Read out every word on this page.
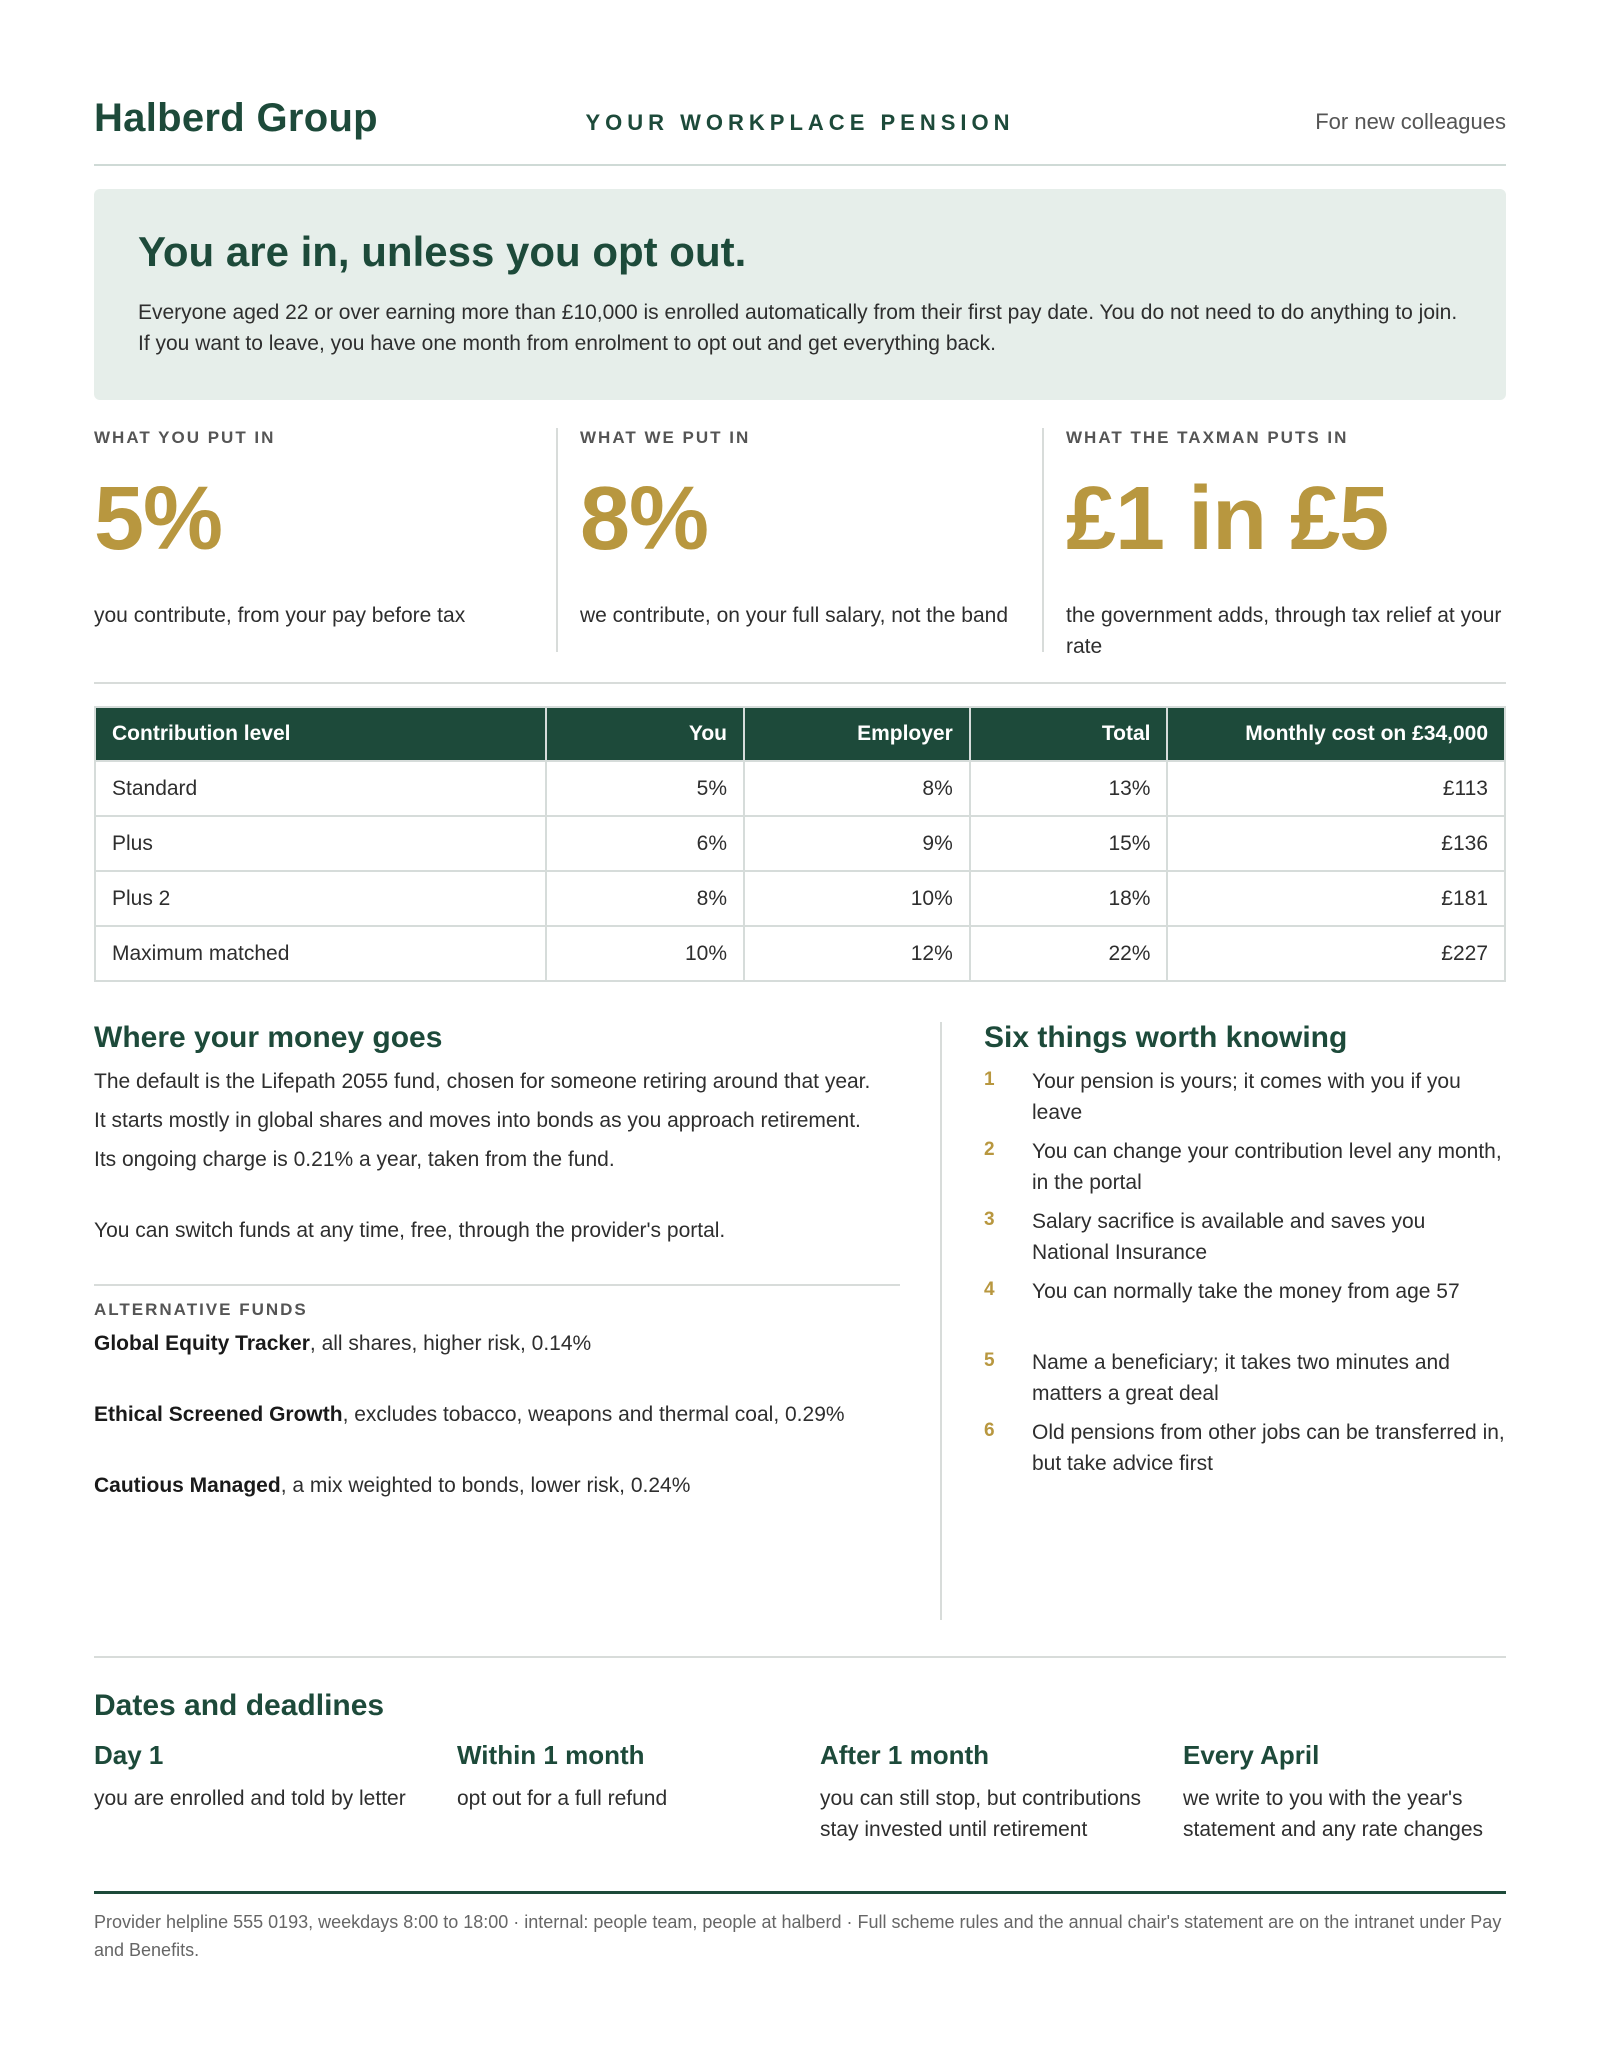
Halberd Group	YOUR WORKPLACE PENSION	For new colleagues
You are in, unless you opt out.

Everyone aged 22 or over earning more than £10,000 is enrolled automatically from their first pay date. You do not need to do anything to join. If you want to leave, you have one month from enrolment to opt out and get everything back.

WHAT YOU PUT IN
5%
you contribute, from your pay before tax
WHAT WE PUT IN
8%
we contribute, on your full salary, not the band
WHAT THE TAXMAN PUTS IN
£1 in £5
the government adds, through tax relief at your rate
Contribution level	You	Employer	Total	Monthly cost on £34,000
Standard	5%	8%	13%	£113
Plus	6%	9%	15%	£136
Plus 2	8%	10%	18%	£181
Maximum matched	10%	12%	22%	£227
Where your money goes

The default is the Lifepath 2055 fund, chosen for someone retiring around that year.

It starts mostly in global shares and moves into bonds as you approach retirement.

Its ongoing charge is 0.21% a year, taken from the fund.

You can switch funds at any time, free, through the provider's portal.

ALTERNATIVE FUNDS
Global Equity Tracker, all shares, higher risk, 0.14%
Ethical Screened Growth, excludes tobacco, weapons and thermal coal, 0.29%
Cautious Managed, a mix weighted to bonds, lower risk, 0.24%
Six things worth knowing
1 Your pension is yours; it comes with you if you leave
2 You can change your contribution level any month, in the portal
3 Salary sacrifice is available and saves you National Insurance
4 You can normally take the money from age 57
5 Name a beneficiary; it takes two minutes and matters a great deal
6 Old pensions from other jobs can be transferred in, but take advice first
Dates and deadlines
Day 1

you are enrolled and told by letter

Within 1 month

opt out for a full refund

After 1 month

you can still stop, but contributions stay invested until retirement

Every April

we write to you with the year's statement and any rate changes

Provider helpline 555 0193, weekdays 8:00 to 18:00 · internal: people team, people at halberd · Full scheme rules and the annual chair's statement are on the intranet under Pay and Benefits.
